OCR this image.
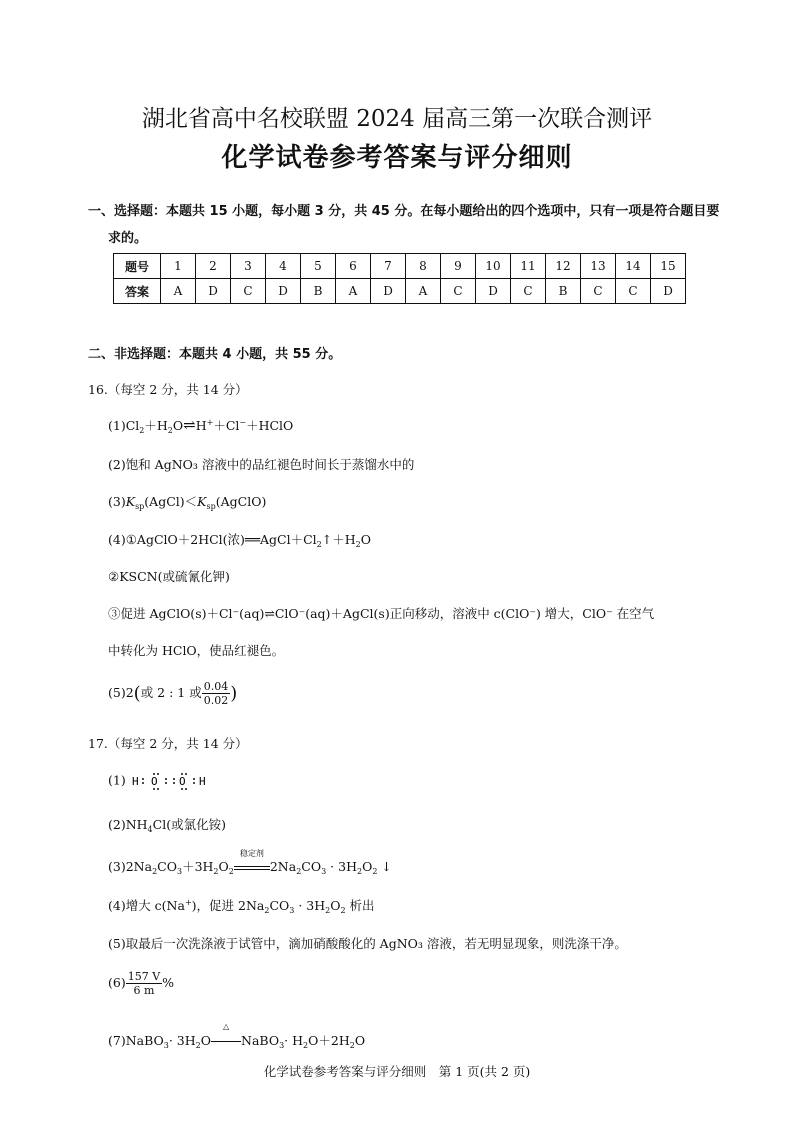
湖北省高中名校联盟 2024 届高三第一次联合测评
化学试卷参考答案与评分细则
一、选择题：本题共 15 小题，每小题 3 分，共 45 分。在每小题给出的四个选项中，只有一项是符合题目要
求的。
题号	1	2	3	4	5	6	7	8	9	10	11	12	13	14	15
答案	A	D	C	D	B	A	D	A	C	D	C	B	C	C	D
二、非选择题：本题共 4 小题，共 55 分。
16.（每空 2 分，共 14 分）
$(1)Cl_2+H_2O\rightleftharpoons H^++Cl^-+HClO$
(2)饱和 AgNO₃ 溶液中的品红褪色时间长于蒸馏水中的
$(3)K_{sp}(AgCl)<K_{sp}(AgClO)$
(4)①AgClO＋2HCl(浓)$══AgCl+Cl_2↑+H_2O$
②KSCN(或硫氰化钾)
③促进 AgClO(s)＋Cl⁻(aq)⇌ClO⁻(aq)＋AgCl(s)正向移动，溶液中 c(ClO⁻) 增大，ClO⁻ 在空气
中转化为 HClO，使品红褪色。
(5)2(或 2 : 1 或 $\frac{0.04}{0.02}$ )
17.（每空 2 分，共 14 分）
(1) H O O H
$(2)NH_4Cl$(或氯化铵)
$(3)2Na_2CO_3+3H_2O_2$
稳定剂
$2Na_2CO_3 \cdot 3H_2O_2$ ↓
(4)增大 c(Na+)，促进 $2Na_2CO_3 \cdot 3H_2O_2$ 析出
(5)取最后一次洗涤液于试管中，滴加硝酸酸化的 AgNO₃ 溶液，若无明显现象，则洗涤干净。
$(6) \frac{157 V}{6 m}$ %
(7)NaBO$_3$· $3H_2O$
△
NaBO$_3$· $H_2O+2H_2O$
化学试卷参考答案与评分细则　第 1 页(共 2 页)
